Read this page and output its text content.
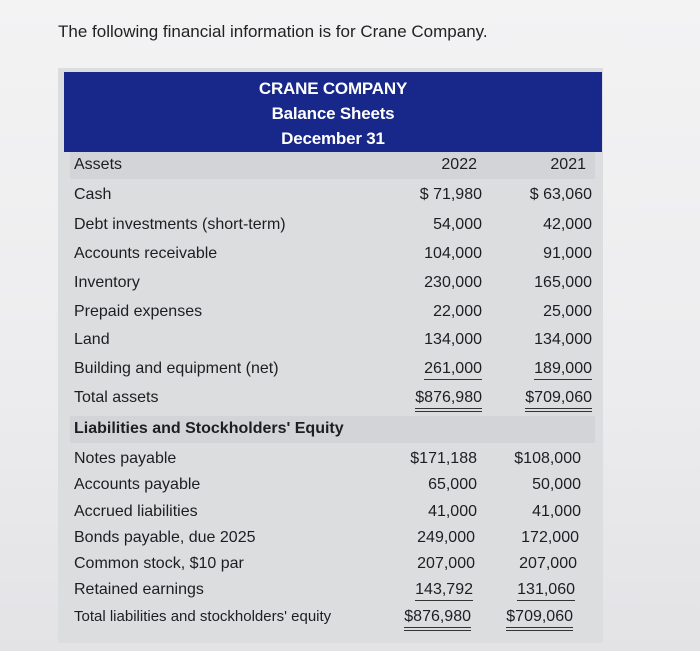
The following financial information is for Crane Company.
CRANE COMPANY
Balance Sheets
December 31
Assets	2022	2021
Cash	$ 71,980	$ 63,060
Debt investments (short-term)	54,000	42,000
Accounts receivable	104,000	91,000
Inventory	230,000	165,000
Prepaid expenses	22,000	25,000
Land	134,000	134,000
Building and equipment (net)	261,000	189,000
Total assets	$876,980	$709,060
Liabilities and Stockholders' Equity
Notes payable	$171,188 $108,000
Accounts payable	65,000	50,000
Accrued liabilities	41,000	41,000
Bonds payable, due 2025	249,000	172,000
Common stock, $10 par	207,000	207,000
Retained earnings	143,792	131,060
Total liabilities and stockholders' equity	$876,980 $709,060
